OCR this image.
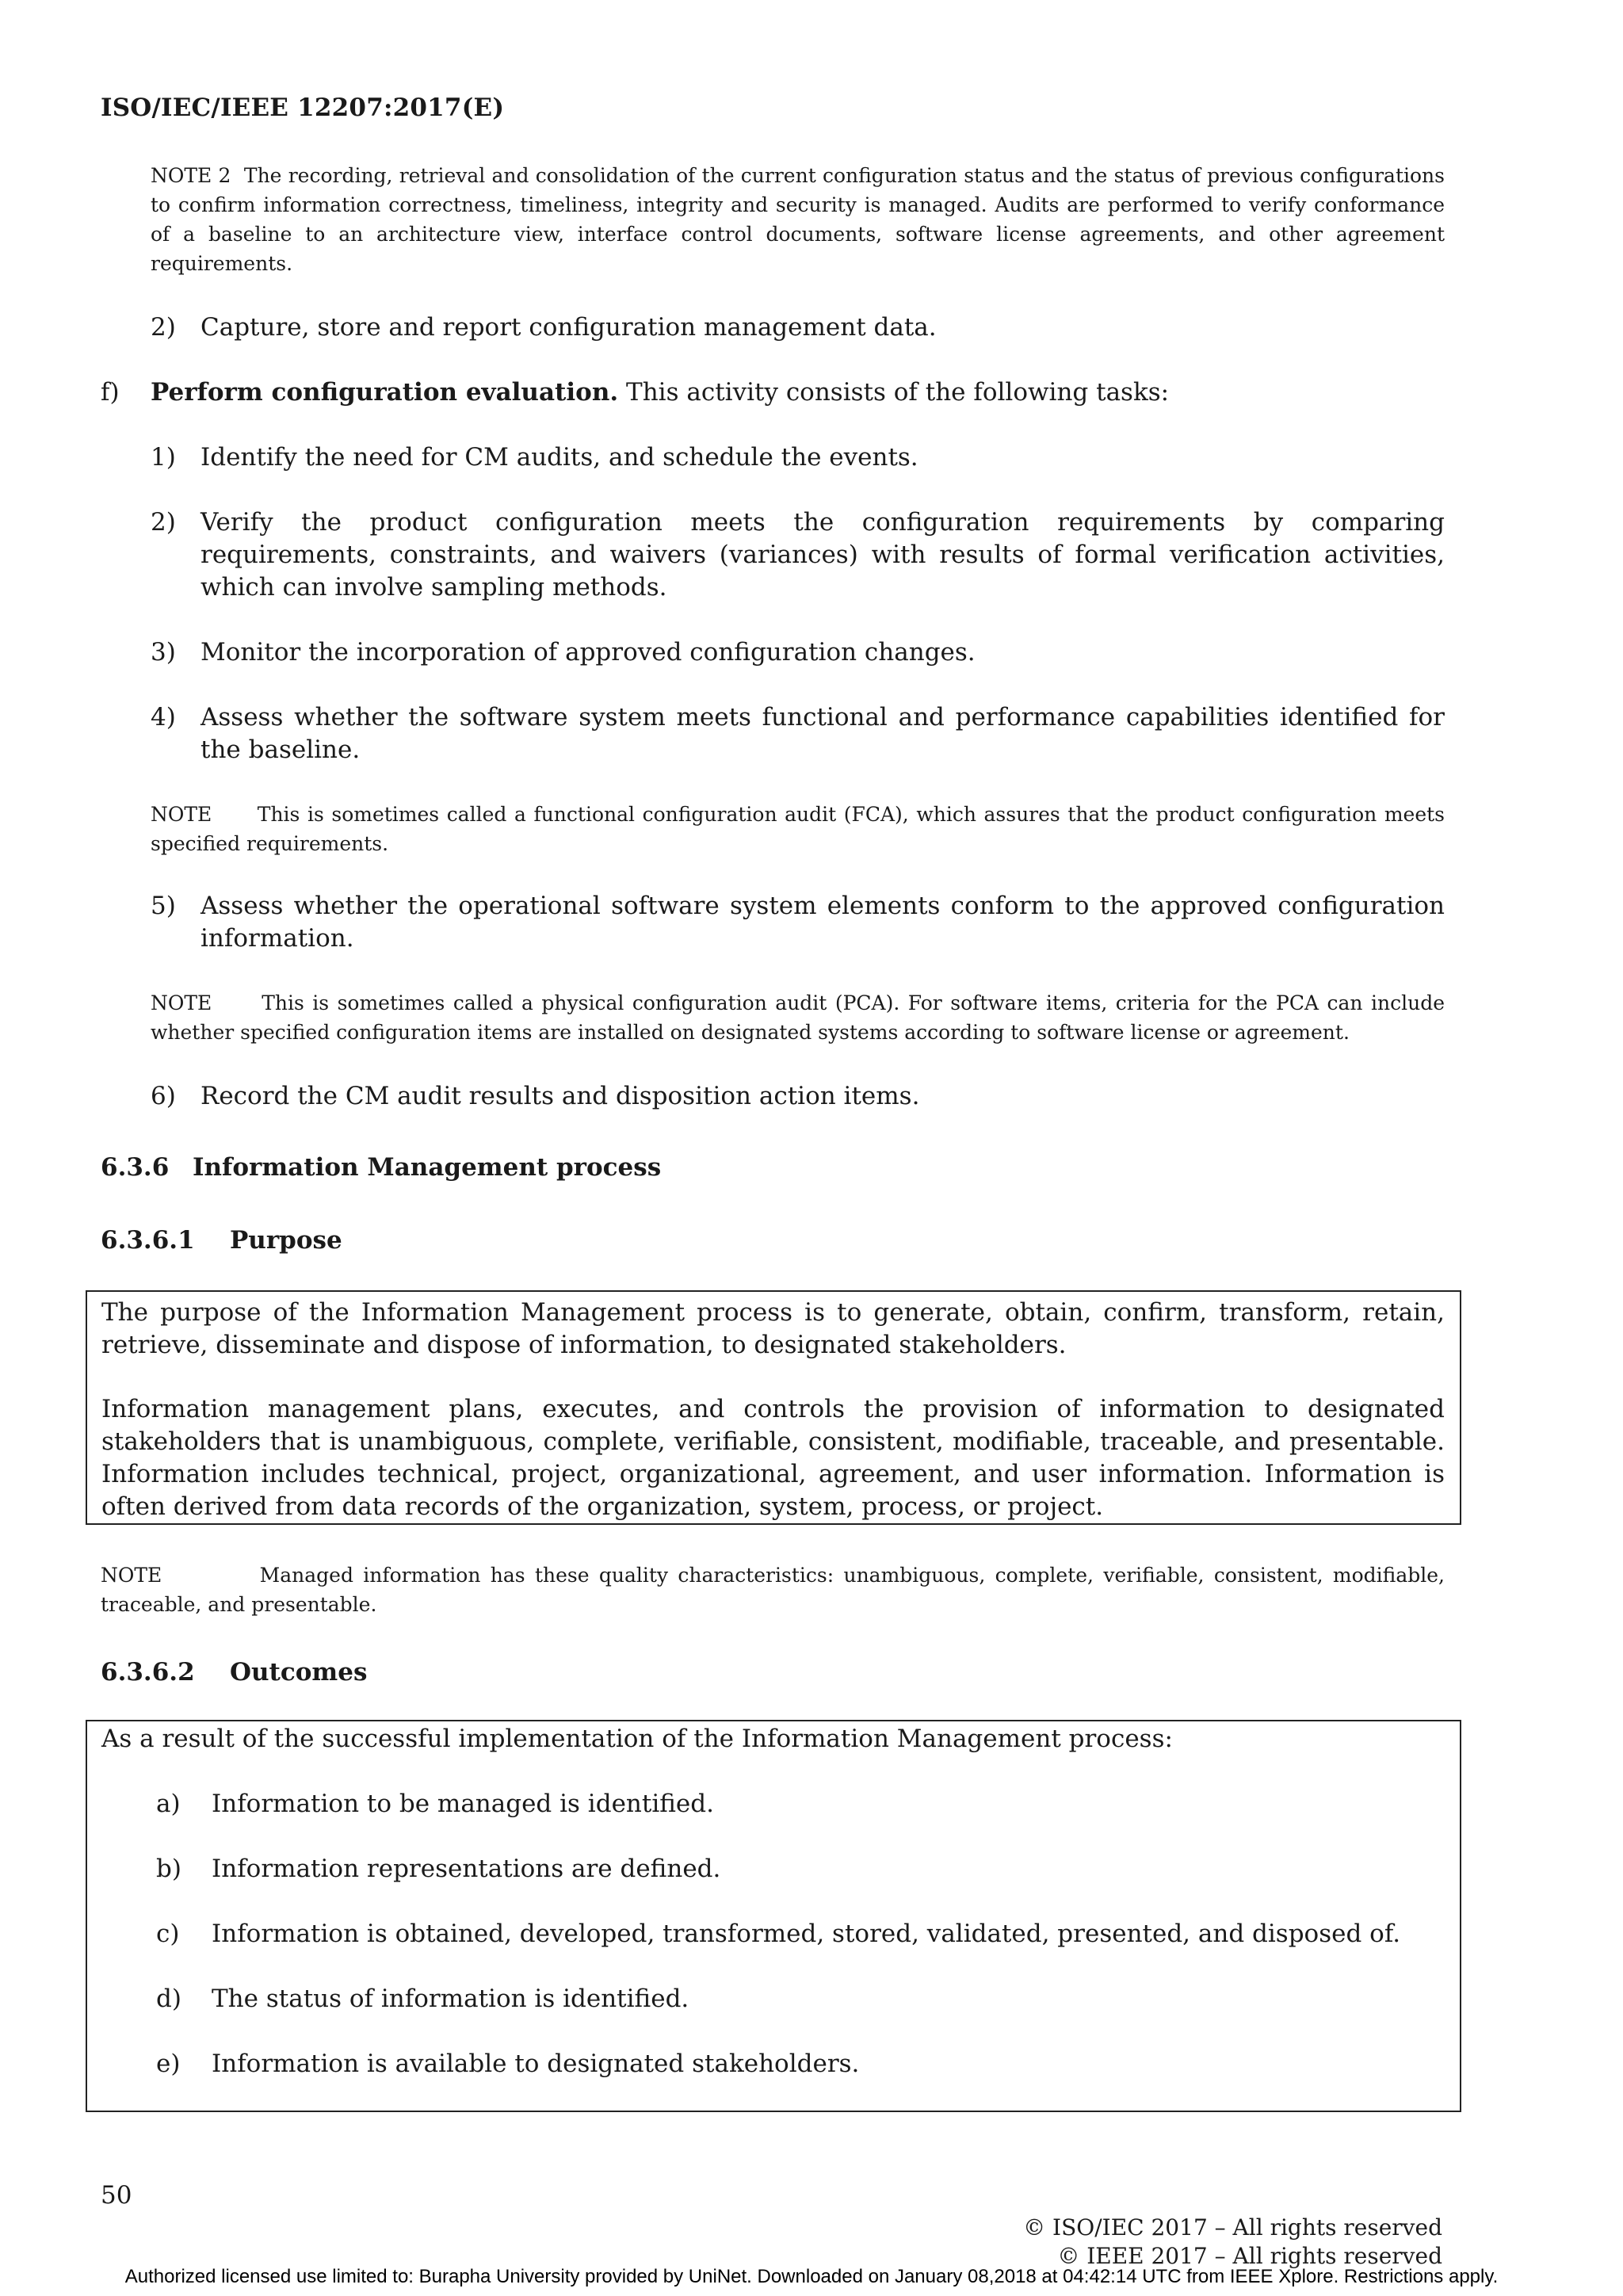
ISO/IEC/IEEE 12207:2017(E)
NOTE 2 The recording, retrieval and consolidation of the current configuration status and the status of previous configurations to confirm information correctness, timeliness, integrity and security is managed. Audits are performed to verify conformance of a baseline to an architecture view, interface control documents, software license agreements, and other agreement requirements.
2) Capture, store and report configuration management data.
f) Perform configuration evaluation. This activity consists of the following tasks:
1) Identify the need for CM audits, and schedule the events.
2) Verify the product configuration meets the configuration requirements by comparing requirements, constraints, and waivers (variances) with results of formal verification activities, which can involve sampling methods.
3) Monitor the incorporation of approved configuration changes.
4) Assess whether the software system meets functional and performance capabilities identified for the baseline.
NOTE This is sometimes called a functional configuration audit (FCA), which assures that the product configuration meets specified requirements.
5) Assess whether the operational software system elements conform to the approved configuration information.
NOTE	This is sometimes called a physical configuration audit (PCA). For software items, criteria for the PCA can include whether specified configuration items are installed on designated systems according to software license or agreement.
6) Record the CM audit results and disposition action items.
6.3.6 Information Management process
6.3.6.1 Purpose
The purpose of the Information Management process is to generate, obtain, confirm, transform, retain, retrieve, disseminate and dispose of information, to designated stakeholders.
Information management plans, executes, and controls the provision of information to designated stakeholders that is unambiguous, complete, verifiable, consistent, modifiable, traceable, and presentable. Information includes technical, project, organizational, agreement, and user information. Information is often derived from data records of the organization, system, process, or project.
NOTE	Managed information has these quality characteristics: unambiguous, complete, verifiable, consistent, modifiable, traceable, and presentable.
6.3.6.2 Outcomes
As a result of the successful implementation of the Information Management process:
a) Information to be managed is identified.
b) Information representations are defined.
c) Information is obtained, developed, transformed, stored, validated, presented, and disposed of.
d) The status of information is identified.
e) Information is available to designated stakeholders.
50
© ISO/IEC 2017 – All rights reserved
© IEEE 2017 – All rights reserved
Authorized licensed use limited to: Burapha University provided by UniNet. Downloaded on January 08,2018 at 04:42:14 UTC from IEEE Xplore. Restrictions apply.
